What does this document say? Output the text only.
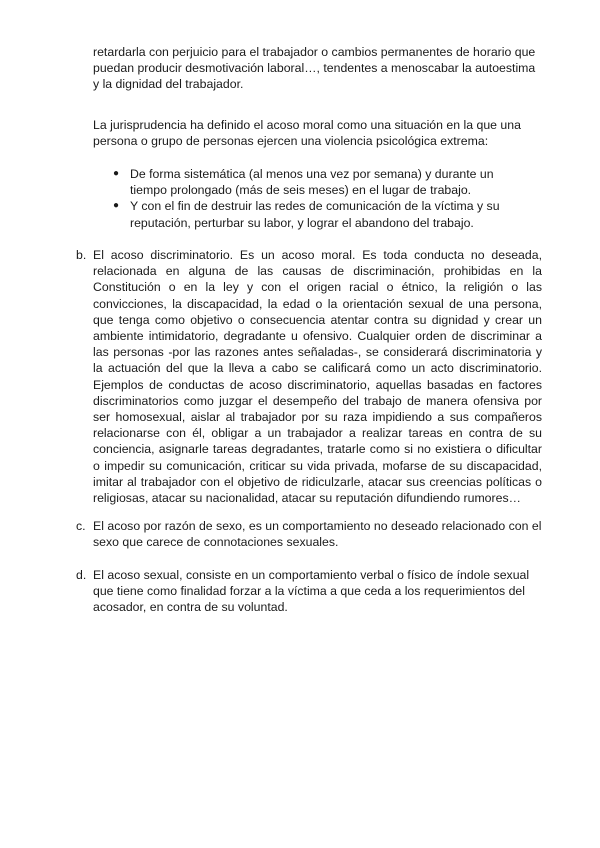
retardarla con perjuicio para el trabajador o cambios permanentes de horario que puedan producir desmotivación laboral…, tendentes a menoscabar la autoestima y la dignidad del trabajador.

La jurisprudencia ha definido el acoso moral como una situación en la que una persona o grupo de personas ejercen una violencia psicológica extrema:

● De forma sistemática (al menos una vez por semana) y durante un tiempo prolongado (más de seis meses) en el lugar de trabajo.
● Y con el fin de destruir las redes de comunicación de la víctima y su reputación, perturbar su labor, y lograr el abandono del trabajo.
b. El acoso discriminatorio. Es un acoso moral. Es toda conducta no deseada, relacionada en alguna de las causas de discriminación, prohibidas en la Constitución o en la ley y con el origen racial o étnico, la religión o las convicciones, la discapacidad, la edad o la orientación sexual de una persona, que tenga como objetivo o consecuencia atentar contra su dignidad y crear un ambiente intimidatorio, degradante u ofensivo. Cualquier orden de discriminar a las personas -por las razones antes señaladas-, se considerará discriminatoria y la actuación del que la lleva a cabo se calificará como un acto discriminatorio. Ejemplos de conductas de acoso discriminatorio, aquellas basadas en factores discriminatorios como juzgar el desempeño del trabajo de manera ofensiva por ser homosexual, aislar al trabajador por su raza impidiendo a sus compañeros relacionarse con él, obligar a un trabajador a realizar tareas en contra de su conciencia, asignarle tareas degradantes, tratarle como si no existiera o dificultar o impedir su comunicación, criticar su vida privada, mofarse de su discapacidad, imitar al trabajador con el objetivo de ridiculzarle, atacar sus creencias políticas o religiosas, atacar su nacionalidad, atacar su reputación difundiendo rumores…
c. El acoso por razón de sexo, es un comportamiento no deseado relacionado con el sexo que carece de connotaciones sexuales.
d. El acoso sexual, consiste en un comportamiento verbal o físico de índole sexual que tiene como finalidad forzar a la víctima a que ceda a los requerimientos del acosador, en contra de su voluntad.
